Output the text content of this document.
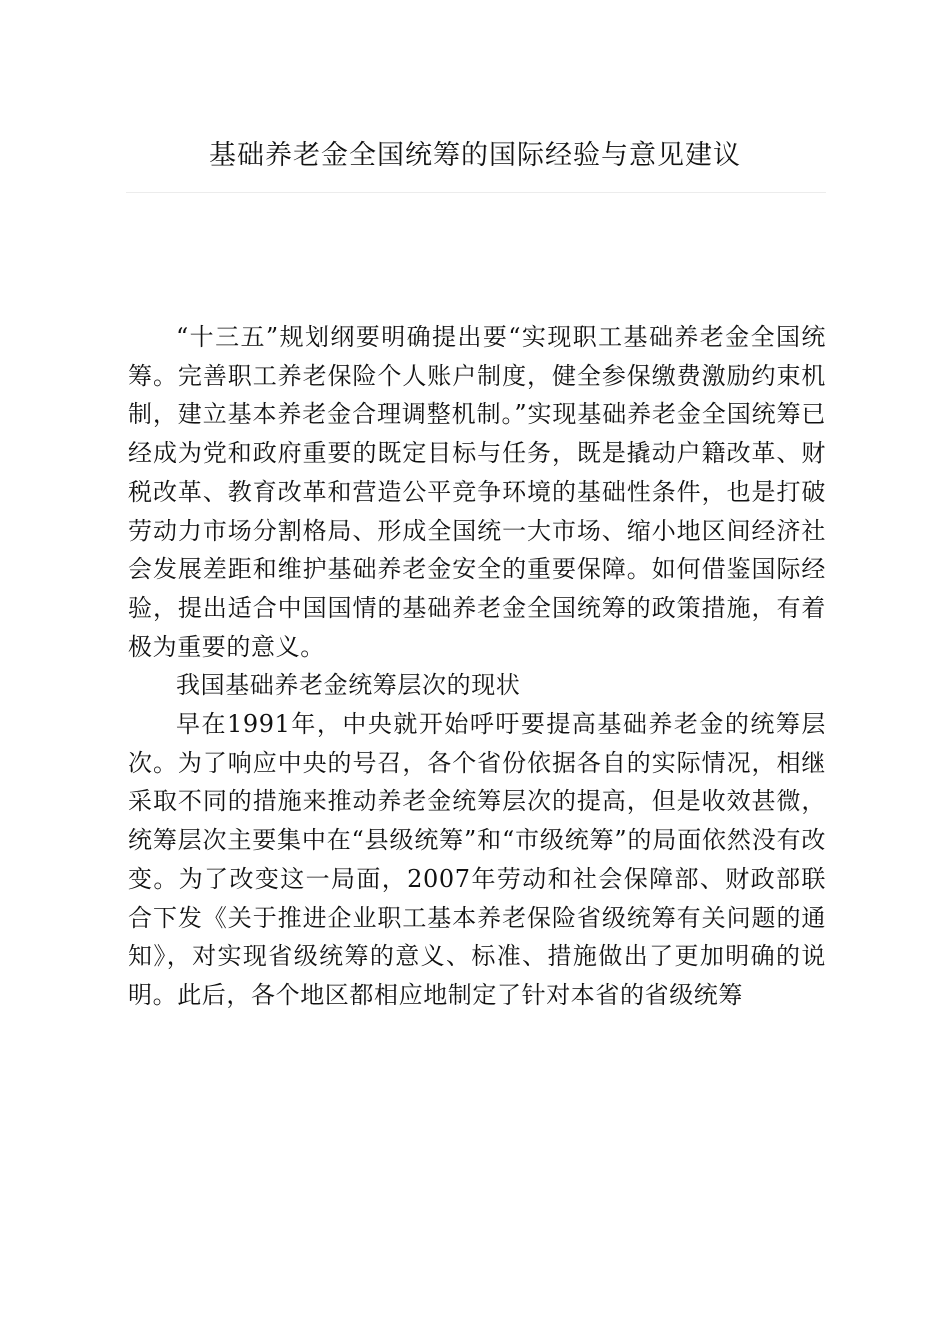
基础养老金全国统筹的国际经验与意见建议

“十三五”规划纲要明确提出要“实现职工基础养老金全国统筹。完善职工养老保险个人账户制度，健全参保缴费激励约束机制，建立基本养老金合理调整机制。”实现基础养老金全国统筹已经成为党和政府重要的既定目标与任务，既是撬动户籍改革、财税改革、教育改革和营造公平竞争环境的基础性条件，也是打破劳动力市场分割格局、形成全国统一大市场、缩小地区间经济社会发展差距和维护基础养老金安全的重要保障。如何借鉴国际经验，提出适合中国国情的基础养老金全国统筹的政策措施，有着极为重要的意义。

我国基础养老金统筹层次的现状

早在1991年，中央就开始呼吁要提高基础养老金的统筹层次。为了响应中央的号召，各个省份依据各自的实际情况，相继采取不同的措施来推动养老金统筹层次的提高，但是收效甚微，统筹层次主要集中在“县级统筹”和“市级统筹”的局面依然没有改变。为了改变这一局面，2007年劳动和社会保障部、财政部联合下发《关于推进企业职工基本养老保险省级统筹有关问题的通知》，对实现省级统筹的意义、标准、措施做出了更加明确的说明。此后，各个地区都相应地制定了针对本省的省级统筹
